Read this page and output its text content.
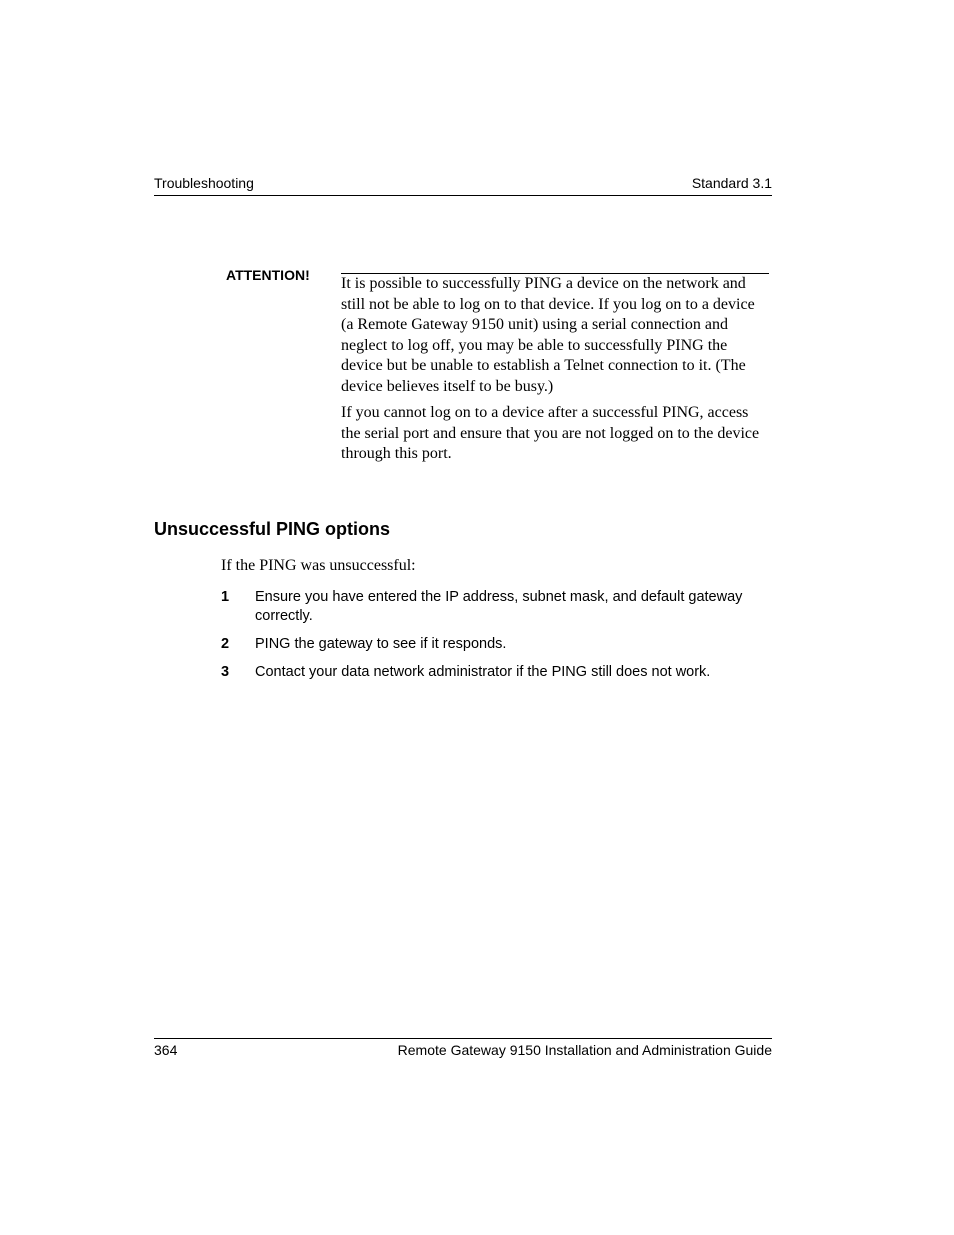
Troubleshooting	Standard 3.1
ATTENTION! It is possible to successfully PING a device on the network and still not be able to log on to that device. If you log on to a device (a Remote Gateway 9150 unit) using a serial connection and neglect to log off, you may be able to successfully PING the device but be unable to establish a Telnet connection to it. (The device believes itself to be busy.)

If you cannot log on to a device after a successful PING, access the serial port and ensure that you are not logged on to the device through this port.

Unsuccessful PING options
If the PING was unsuccessful:
1 Ensure you have entered the IP address, subnet mask, and default gateway correctly.
2 PING the gateway to see if it responds.
3 Contact your data network administrator if the PING still does not work.
364	Remote Gateway 9150 Installation and Administration Guide
